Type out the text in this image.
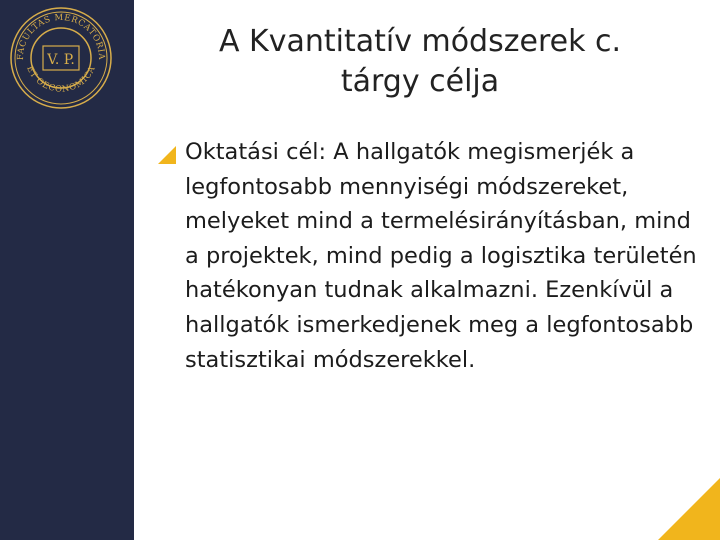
FACULTAS MERCATORIA
ET OECONOMICA
V. P.
A Kvantitatív módszerek c.
tárgy célja

Oktatási cél: A hallgatók megismerjék a legfontosabb mennyiségi módszereket, melyeket mind a termelésirányításban, mind a projektek, mind pedig a logisztika területén hatékonyan tudnak alkalmazni. Ezenkívül a hallgatók ismerkedjenek meg a legfontosabb statisztikai módszerekkel.
